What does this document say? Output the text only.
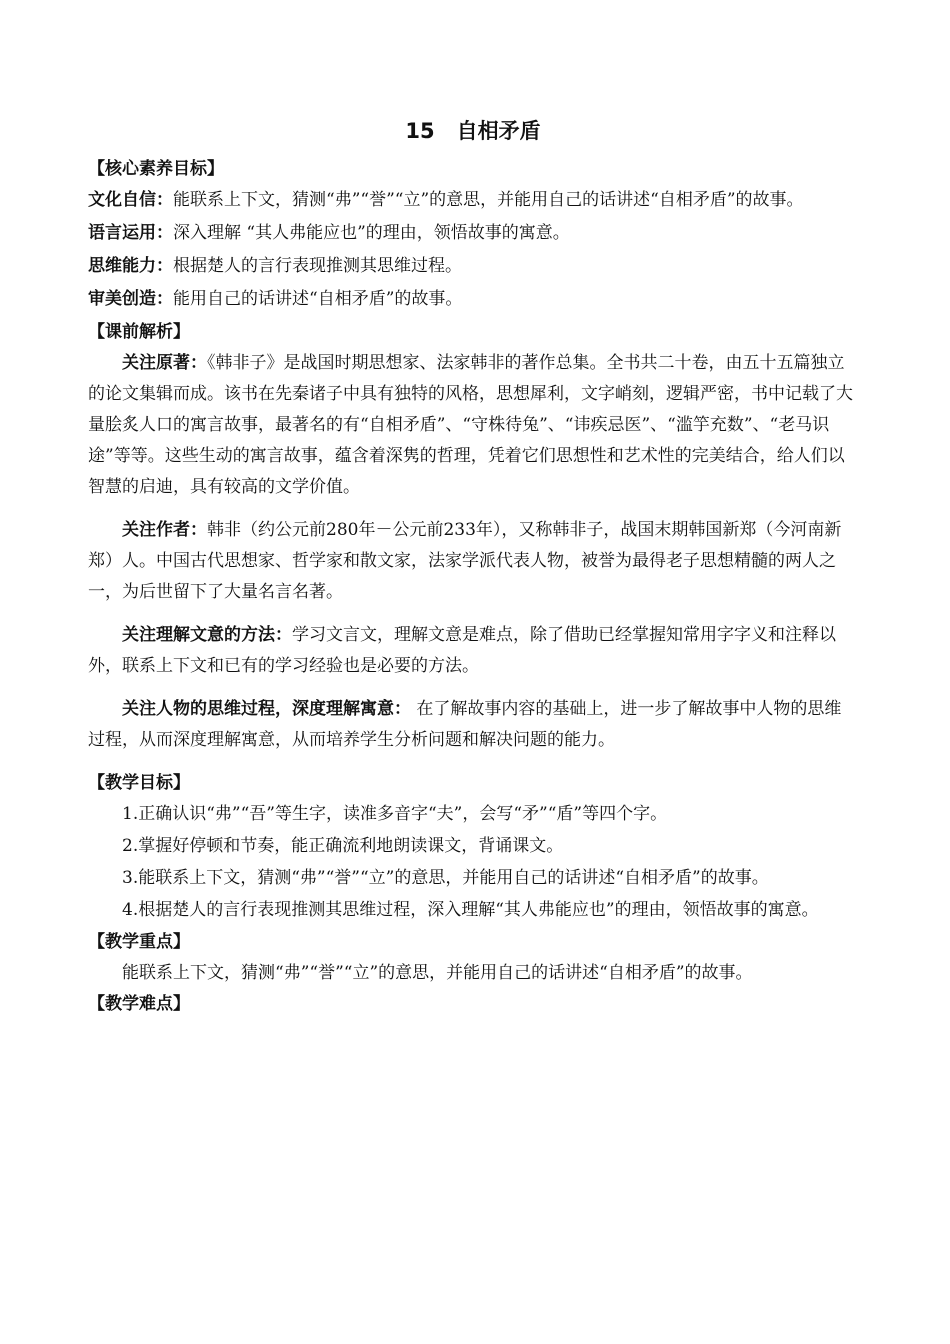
15 自相矛盾

【核心素养目标】

文化自信：能联系上下文，猜测“弗”“誉”“立”的意思，并能用自己的话讲述“自相矛盾”的故事。

语言运用：深入理解 “其人弗能应也”的理由，领悟故事的寓意。

思维能力：根据楚人的言行表现推测其思维过程。

审美创造：能用自己的话讲述“自相矛盾”的故事。

【课前解析】

关注原著：《韩非子》是战国时期思想家、法家韩非的著作总集。全书共二十卷，由五十五篇独立的论文集辑而成。该书在先秦诸子中具有独特的风格，思想犀利，文字峭刻，逻辑严密，书中记载了大量脍炙人口的寓言故事，最著名的有“自相矛盾”、“守株待兔”、“讳疾忌医”、“滥竽充数”、“老马识途”等等。这些生动的寓言故事，蕴含着深隽的哲理，凭着它们思想性和艺术性的完美结合，给人们以智慧的启迪，具有较高的文学价值。

关注作者：韩非（约公元前280年－公元前233年），又称韩非子，战国末期韩国新郑（今河南新郑）人。中国古代思想家、哲学家和散文家，法家学派代表人物，被誉为最得老子思想精髓的两人之一，为后世留下了大量名言名著。

关注理解文意的方法：学习文言文，理解文意是难点，除了借助已经掌握知常用字字义和注释以外，联系上下文和已有的学习经验也是必要的方法。

关注人物的思维过程，深度理解寓意： 在了解故事内容的基础上，进一步了解故事中人物的思维过程，从而深度理解寓意，从而培养学生分析问题和解决问题的能力。

【教学目标】

1.正确认识“弗”“吾”等生字，读准多音字“夫”，会写“矛”“盾”等四个字。

2.掌握好停顿和节奏，能正确流利地朗读课文，背诵课文。

3.能联系上下文，猜测“弗”“誉”“立”的意思，并能用自己的话讲述“自相矛盾”的故事。

4.根据楚人的言行表现推测其思维过程，深入理解“其人弗能应也”的理由，领悟故事的寓意。

【教学重点】

能联系上下文，猜测“弗”“誉”“立”的意思，并能用自己的话讲述“自相矛盾”的故事。

【教学难点】
